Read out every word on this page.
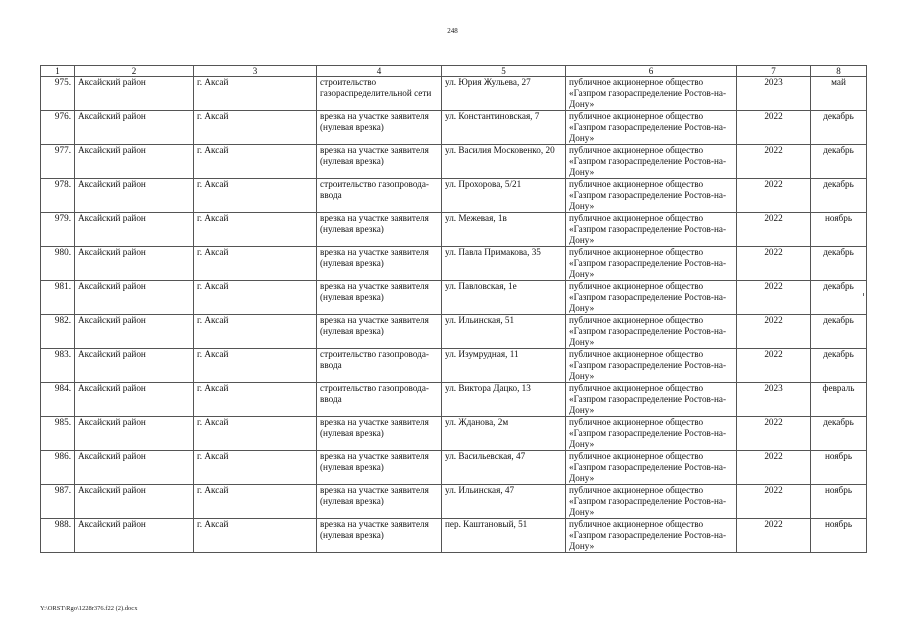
248
1	2	3	4	5	6	7	8
975.	Аксайский район	г. Аксай	строительство газораспределительной сети	ул. Юрия Жульева, 27	публичное акционерное общество «Газпром газораспределение Ростов-на-Дону»	2023	май
976.	Аксайский район	г. Аксай	врезка на участке заявителя (нулевая врезка)	ул. Константиновская, 7	публичное акционерное общество «Газпром газораспределение Ростов-на-Дону»	2022	декабрь
977.	Аксайский район	г. Аксай	врезка на участке заявителя (нулевая врезка)	ул. Василия Московенко, 20	публичное акционерное общество «Газпром газораспределение Ростов-на-Дону»	2022	декабрь
978.	Аксайский район	г. Аксай	строительство газопровода-ввода	ул. Прохорова, 5/21	публичное акционерное общество «Газпром газораспределение Ростов-на-Дону»	2022	декабрь
979.	Аксайский район	г. Аксай	врезка на участке заявителя (нулевая врезка)	ул. Межевая, 1в	публичное акционерное общество «Газпром газораспределение Ростов-на-Дону»	2022	ноябрь
980.	Аксайский район	г. Аксай	врезка на участке заявителя (нулевая врезка)	ул. Павла Примакова, 35	публичное акционерное общество «Газпром газораспределение Ростов-на-Дону»	2022	декабрь
981.	Аксайский район	г. Аксай	врезка на участке заявителя (нулевая врезка)	ул. Павловская, 1е	публичное акционерное общество «Газпром газораспределение Ростов-на-Дону»	2022	декабрь
982.	Аксайский район	г. Аксай	врезка на участке заявителя (нулевая врезка)	ул. Ильинская, 51	публичное акционерное общество «Газпром газораспределение Ростов-на-Дону»	2022	декабрь
983.	Аксайский район	г. Аксай	строительство газопровода-ввода	ул. Изумрудная, 11	публичное акционерное общество «Газпром газораспределение Ростов-на-Дону»	2022	декабрь
984.	Аксайский район	г. Аксай	строительство газопровода-ввода	ул. Виктора Дацко, 13	публичное акционерное общество «Газпром газораспределение Ростов-на-Дону»	2023	февраль
985.	Аксайский район	г. Аксай	врезка на участке заявителя (нулевая врезка)	ул. Жданова, 2м	публичное акционерное общество «Газпром газораспределение Ростов-на-Дону»	2022	декабрь
986.	Аксайский район	г. Аксай	врезка на участке заявителя (нулевая врезка)	ул. Васильевская, 47	публичное акционерное общество «Газпром газораспределение Ростов-на-Дону»	2022	ноябрь
987.	Аксайский район	г. Аксай	врезка на участке заявителя (нулевая врезка)	ул. Ильинская, 47	публичное акционерное общество «Газпром газораспределение Ростов-на-Дону»	2022	ноябрь
988.	Аксайский район	г. Аксай	врезка на участке заявителя (нулевая врезка)	пер. Каштановый, 51	публичное акционерное общество «Газпром газораспределение Ростов-на-Дону»	2022	ноябрь
Y:\ORST\Rgo\1228r376.f22 (2).docx
